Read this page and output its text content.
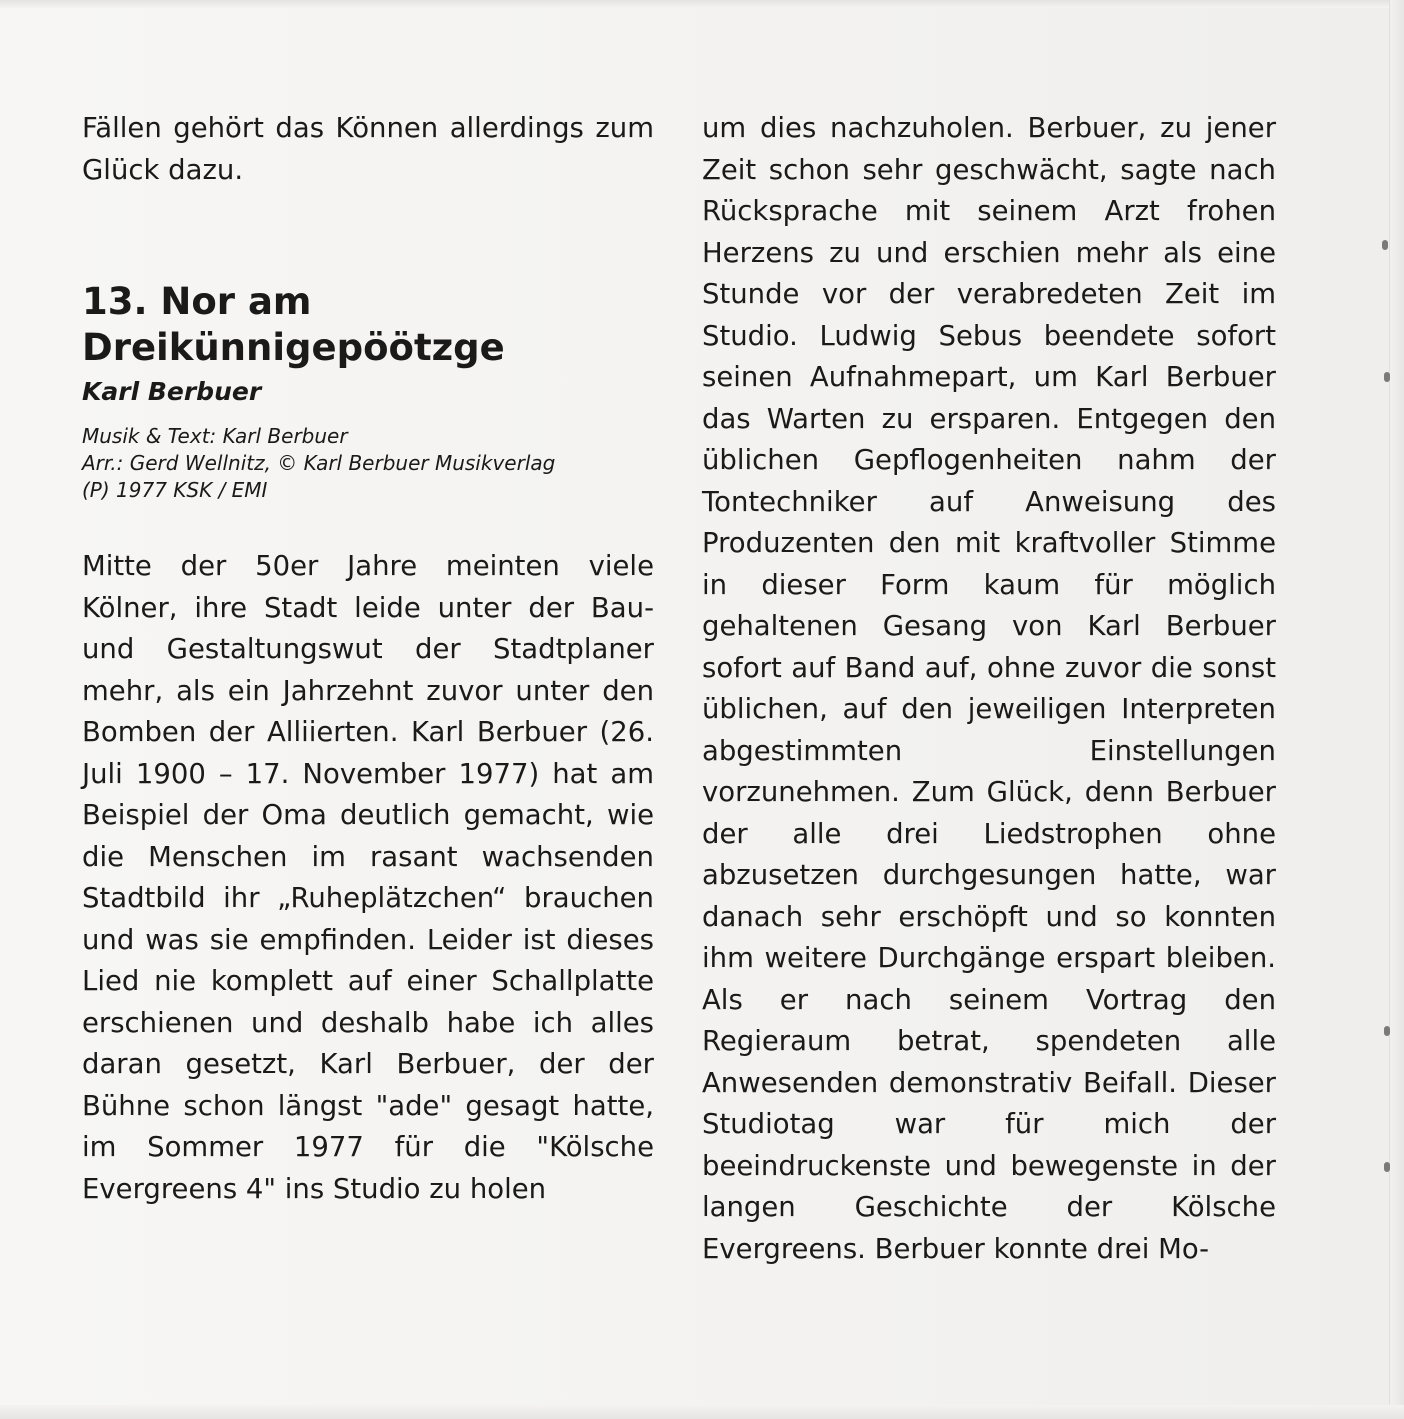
Fällen gehört das Können allerdings zum Glück dazu.

13. Nor am
Dreikünnigepöötzge

Karl Berbuer

Musik & Text: Karl Berbuer
Arr.: Gerd Wellnitz, © Karl Berbuer Musikverlag
(P) 1977 KSK / EMI

Mitte der 50er Jahre meinten viele Kölner, ihre Stadt leide unter der Bau- und Gestaltungswut der Stadtplaner mehr, als ein Jahrzehnt zuvor unter den Bomben der Alliierten. Karl Berbuer (26. Juli 1900 – 17. November 1977) hat am Beispiel der Oma deutlich gemacht, wie die Menschen im rasant wachsenden Stadtbild ihr „Ruheplätzchen“ brauchen und was sie empfinden. Leider ist dieses Lied nie komplett auf einer Schallplatte erschienen und deshalb habe ich alles daran gesetzt, Karl Berbuer, der der Bühne schon längst "ade" gesagt hatte, im Sommer 1977 für die "Kölsche Evergreens 4" ins Studio zu holen

um dies nachzuholen. Berbuer, zu jener Zeit schon sehr geschwächt, sagte nach Rücksprache mit seinem Arzt frohen Herzens zu und erschien mehr als eine Stunde vor der verabredeten Zeit im Studio. Ludwig Sebus beendete sofort seinen Aufnahmepart, um Karl Berbuer das Warten zu ersparen. Entgegen den üblichen Gepflogenheiten nahm der Tontechniker auf Anweisung des Produzenten den mit kraftvoller Stimme in dieser Form kaum für möglich gehaltenen Gesang von Karl Berbuer sofort auf Band auf, ohne zuvor die sonst üblichen, auf den jeweiligen Interpreten abgestimmten Einstellungen vorzunehmen. Zum Glück, denn Berbuer der alle drei Liedstrophen ohne abzusetzen durchgesungen hatte, war danach sehr erschöpft und so konnten ihm weitere Durchgänge erspart bleiben. Als er nach seinem Vortrag den Regieraum betrat, spendeten alle Anwesenden demonstrativ Beifall. Dieser Studiotag war für mich der beeindruckenste und bewegenste in der langen Geschichte der Kölsche Evergreens. Berbuer konnte drei Mo-
